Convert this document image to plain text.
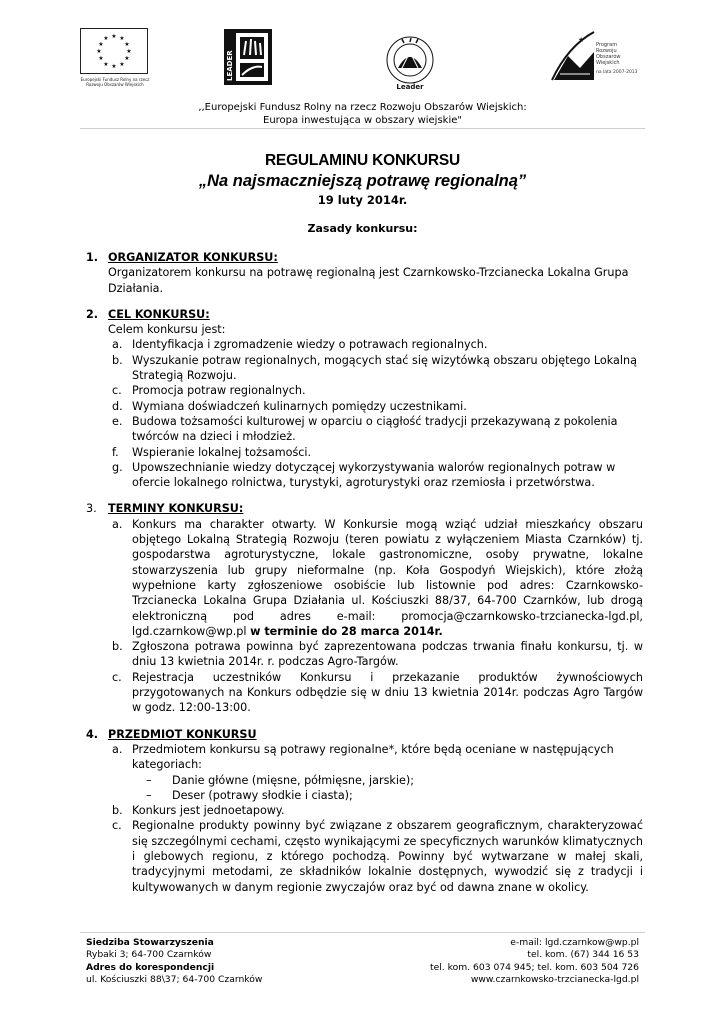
★ ★
★
★
★
★
★
★
★
★
★
★
Europejski Fundusz Rolny na rzecz Rozwoju Obszarów Wiejskich
LEADER
Leader
★
Program
Rozwoju
Obszarów
Wiejskich
na lata 2007-2013
,,Europejski Fundusz Rolny na rzecz Rozwoju Obszarów Wiejskich:
Europa inwestująca w obszary wiejskie"
REGULAMINU KONKURSU
„Na najsmaczniejszą potrawę regionalną”
19 luty 2014r.
Zasady konkursu:
1. ORGANIZATOR KONKURSU:
Organizatorem konkursu na potrawę regionalną jest Czarnkowsko-Trzcianecka Lokalna Grupa Działania.
2. CEL KONKURSU:
Celem konkursu jest:
a. Identyfikacja i zgromadzenie wiedzy o potrawach regionalnych.
b. Wyszukanie potraw regionalnych, mogących stać się wizytówką obszaru objętego Lokalną Strategią Rozwoju.
c. Promocja potraw regionalnych.
d. Wymiana doświadczeń kulinarnych pomiędzy uczestnikami.
e. Budowa tożsamości kulturowej w oparciu o ciągłość tradycji przekazywaną z pokolenia twórców na dzieci i młodzież.
f. Wspieranie lokalnej tożsamości.
g. Upowszechnianie wiedzy dotyczącej wykorzystywania walorów regionalnych potraw w ofercie lokalnego rolnictwa, turystyki, agroturystyki oraz rzemiosła i przetwórstwa.
3. TERMINY KONKURSU:
a. Konkurs ma charakter otwarty. W Konkursie mogą wziąć udział mieszkańcy obszaru objętego Lokalną Strategią Rozwoju (teren powiatu z wyłączeniem Miasta Czarnków) tj. gospodarstwa agroturystyczne, lokale gastronomiczne, osoby prywatne, lokalne stowarzyszenia lub grupy nieformalne (np. Koła Gospodyń Wiejskich), które złożą wypełnione karty zgłoszeniowe osobiście lub listownie pod adres: Czarnkowsko-Trzcianecka Lokalna Grupa Działania ul. Kościuszki 88/37, 64-700 Czarnków, lub drogą elektroniczną pod adres e-mail: promocja@czarnkowsko-trzcianecka-lgd.pl, lgd.czarnkow@wp.pl w terminie do 28 marca 2014r.
b. Zgłoszona potrawa powinna być zaprezentowana podczas trwania finału konkursu, tj. w dniu 13 kwietnia 2014r. r. podczas Agro-Targów.
c. Rejestracja uczestników Konkursu i przekazanie produktów żywnościowych przygotowanych na Konkurs odbędzie się w dniu 13 kwietnia 2014r. podczas Agro Targów w godz. 12:00-13:00.
4. PRZEDMIOT KONKURSU
a. Przedmiotem konkursu są potrawy regionalne*, które będą oceniane w następujących kategoriach:
– Danie główne (mięsne, półmięsne, jarskie);
– Deser (potrawy słodkie i ciasta);
b. Konkurs jest jednoetapowy.
c. Regionalne produkty powinny być związane z obszarem geograficznym, charakteryzować się szczególnymi cechami, często wynikającymi ze specyficznych warunków klimatycznych i glebowych regionu, z którego pochodzą. Powinny być wytwarzane w małej skali, tradycyjnymi metodami, ze składników lokalnie dostępnych, wywodzić się z tradycji i kultywowanych w danym regionie zwyczajów oraz być od dawna znane w okolicy.
Siedziba Stowarzyszenia
Rybaki 3; 64-700 Czarnków
Adres do korespondencji
ul. Kościuszki 88\37; 64-700 Czarnków
e-mail: lgd.czarnkow@wp.pl
tel. kom. (67) 344 16 53
tel. kom. 603 074 945; tel. kom. 603 504 726
www.czarnkowsko-trzcianecka-lgd.pl
